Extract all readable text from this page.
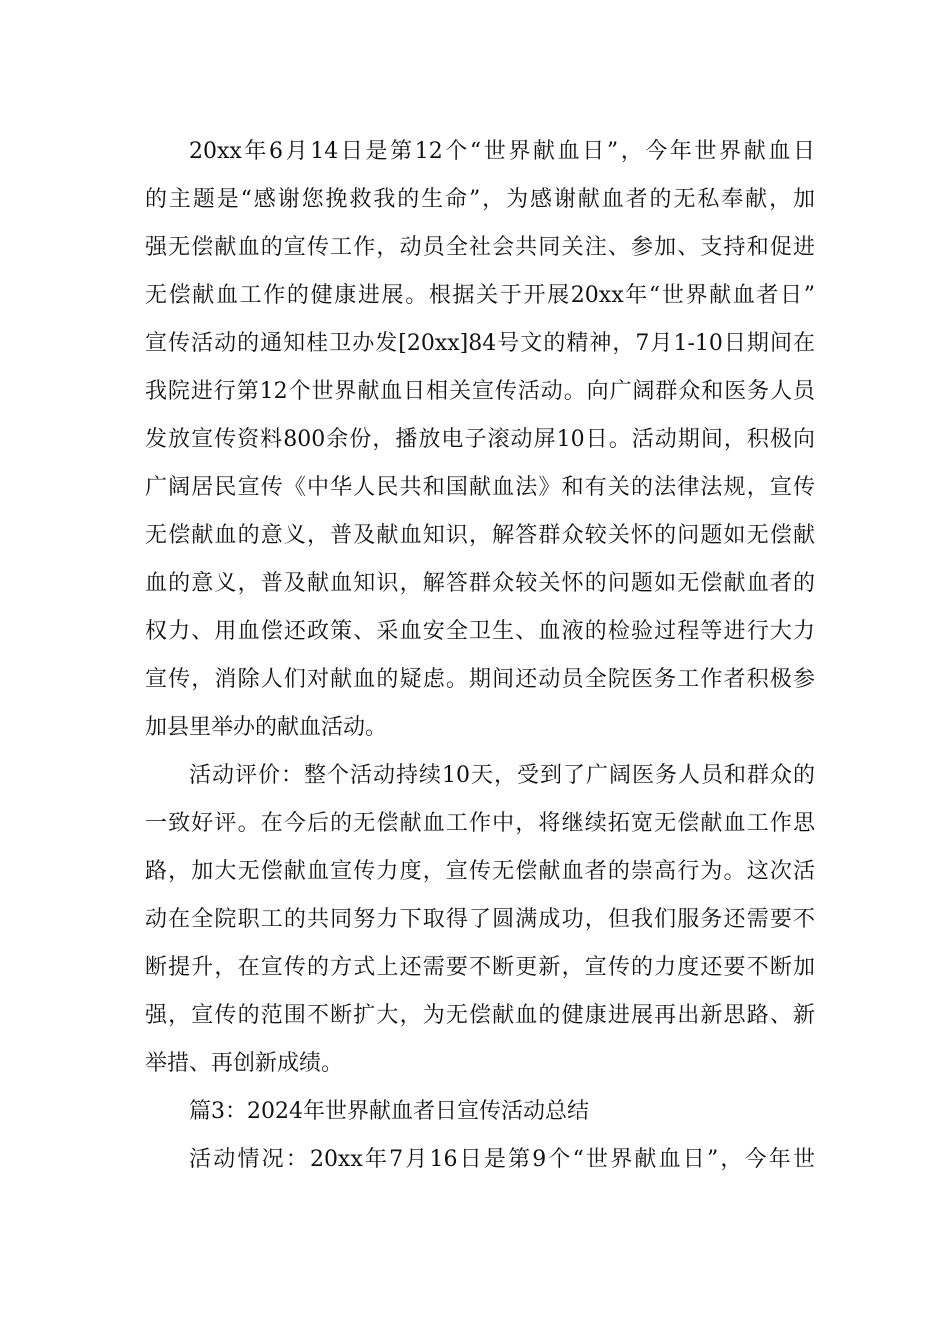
20xx年6月14日是第12个“世界献血日”，今年世界献血日
的主题是“感谢您挽救我的生命”，为感谢献血者的无私奉献，加
强无偿献血的宣传工作，动员全社会共同关注、参加、支持和促进
无偿献血工作的健康进展。根据关于开展20xx年“世界献血者日”
宣传活动的通知桂卫办发[20xx]84号文的精神，7月1-10日期间在
我院进行第12个世界献血日相关宣传活动。向广阔群众和医务人员
发放宣传资料800余份，播放电子滚动屏10日。活动期间，积极向
广阔居民宣传《中华人民共和国献血法》和有关的法律法规，宣传
无偿献血的意义，普及献血知识，解答群众较关怀的问题如无偿献
血的意义，普及献血知识，解答群众较关怀的问题如无偿献血者的
权力、用血偿还政策、采血安全卫生、血液的检验过程等进行大力
宣传，消除人们对献血的疑虑。期间还动员全院医务工作者积极参
加县里举办的献血活动。
活动评价：整个活动持续10天，受到了广阔医务人员和群众的
一致好评。在今后的无偿献血工作中，将继续拓宽无偿献血工作思
路，加大无偿献血宣传力度，宣传无偿献血者的崇高行为。这次活
动在全院职工的共同努力下取得了圆满成功，但我们服务还需要不
断提升，在宣传的方式上还需要不断更新，宣传的力度还要不断加
强，宣传的范围不断扩大，为无偿献血的健康进展再出新思路、新
举措、再创新成绩。
篇3：2024年世界献血者日宣传活动总结
活动情况：20xx年7月16日是第9个“世界献血日”，今年世
